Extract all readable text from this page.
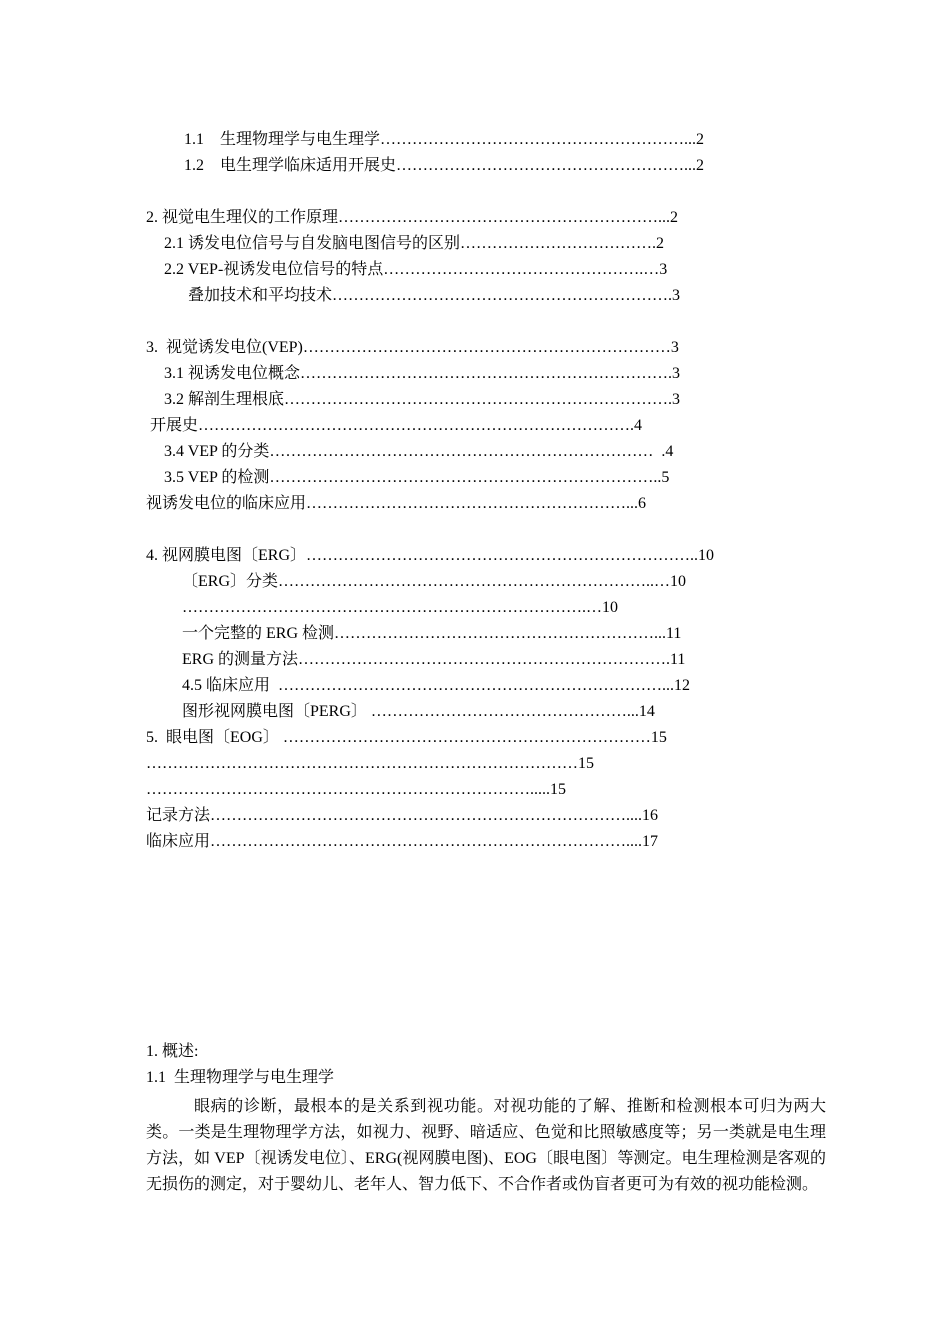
1.1    生理物理学与电生理学…………………………………………………...2

1.2    电生理学临床适用开展史………………………………………………...2

2. 视觉电生理仪的工作原理……………………………………………………...2

2.1 诱发电位信号与自发脑电图信号的区别……………………………….2

2.2 VEP-视诱发电位信号的特点………………………………………….…3

叠加技术和平均技术……………………………………………………….3

3.  视觉诱发电位(VEP)……………………………………………………………3

3.1 视诱发电位概念…………………………………………………………….3

3.2 解剖生理根底……………………………………………………………….3

开展史……………………………………………………………………….4

3.4 VEP 的分类………………………………………………………………  .4

3.5 VEP 的检测………………………………………………………………..5

视诱发电位的临床应用……………………………………………………...6

4. 视网膜电图〔ERG〕………………………………………………………………..10

〔ERG〕分类……………………………………………………………..…10

………………………………………………………………….…10

一个完整的 ERG 检测……………………………………………………...11

ERG 的测量方法…………………………………………………………….11

4.5 临床应用  ………………………………………………………………...12

图形视网膜电图〔PERG〕 …………………………………………...14

5.  眼电图〔EOG〕 ……………………………………………………………15

………………………………………………………………………15

……………………………………………………………….....15

记录方法……………………………………………………………………....16

临床应用……………………………………………………………………....17

1. 概述:

1.1  生理物理学与电生理学

眼病的诊断，最根本的是关系到视功能。对视功能的了解、推断和检测根本可归为两大类。一类是生理物理学方法，如视力、视野、暗适应、色觉和比照敏感度等；另一类就是电生理方法，如 VEP〔视诱发电位〕、ERG(视网膜电图)、EOG〔眼电图〕等测定。电生理检测是客观的无损伤的测定，对于婴幼儿、老年人、智力低下、不合作者或伪盲者更可为有效的视功能检测。
